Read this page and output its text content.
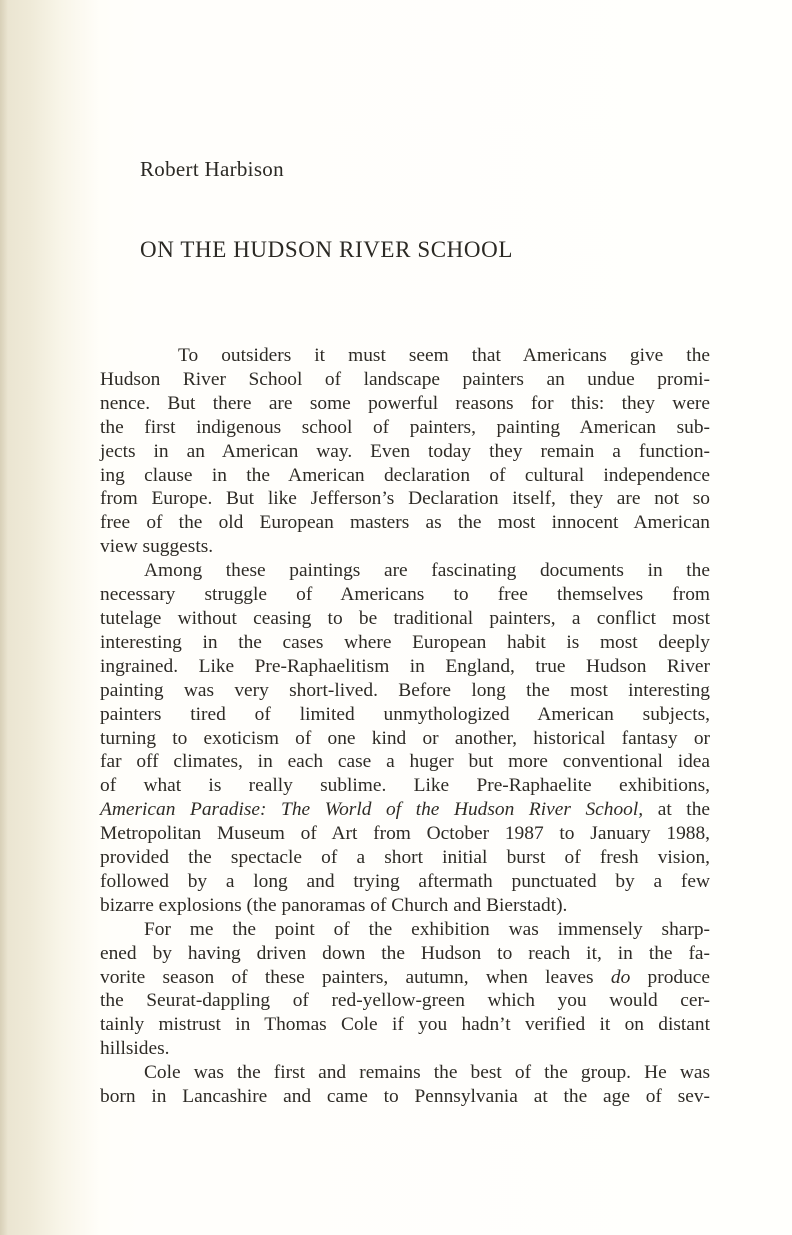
Robert Harbison
ON THE HUDSON RIVER SCHOOL
To outsiders it must seem that Americans give the
Hudson River School of landscape painters an undue promi-
nence. But there are some powerful reasons for this: they were
the first indigenous school of painters, painting American sub-
jects in an American way. Even today they remain a function-
ing clause in the American declaration of cultural independence
from Europe. But like Jefferson’s Declaration itself, they are not so
free of the old European masters as the most innocent American
view suggests.
Among these paintings are fascinating documents in the
necessary struggle of Americans to free themselves from
tutelage without ceasing to be traditional painters, a conflict most
interesting in the cases where European habit is most deeply
ingrained. Like Pre-Raphaelitism in England, true Hudson River
painting was very short-lived. Before long the most interesting
painters tired of limited unmythologized American subjects,
turning to exoticism of one kind or another, historical fantasy or
far off climates, in each case a huger but more conventional idea
of what is really sublime. Like Pre-Raphaelite exhibitions,
American Paradise: The World of the Hudson River School, at the
Metropolitan Museum of Art from October 1987 to January 1988,
provided the spectacle of a short initial burst of fresh vision,
followed by a long and trying aftermath punctuated by a few
bizarre explosions (the panoramas of Church and Bierstadt).
For me the point of the exhibition was immensely sharp-
ened by having driven down the Hudson to reach it, in the fa-
vorite season of these painters, autumn, when leaves do produce
the Seurat-dappling of red-yellow-green which you would cer-
tainly mistrust in Thomas Cole if you hadn’t verified it on distant
hillsides.
Cole was the first and remains the best of the group. He was
born in Lancashire and came to Pennsylvania at the age of sev-
